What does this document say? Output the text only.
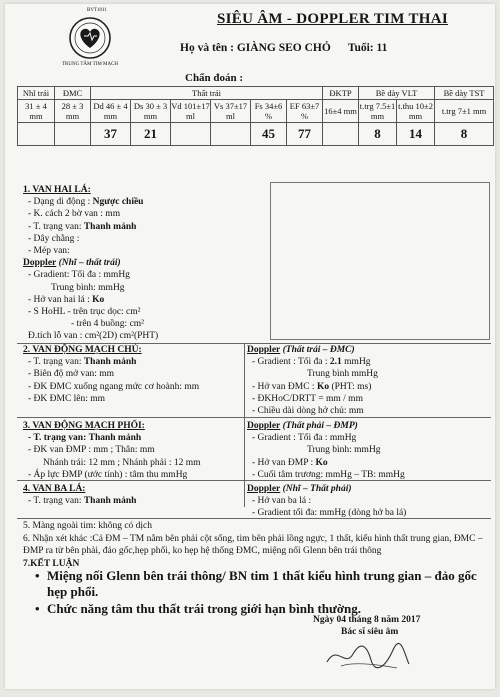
BVT1011
TRUNG TÂM TIM MẠCH
SIÊU ÂM - DOPPLER TIM THAI
Họ và tên : GIÀNG SEO CHỎ Tuổi: 11
Chẩn đoán :
Nhĩ trái	ĐMC	Thất trái						ĐKTP	Bề dày VLT		Bề dày TST
31 ± 4 mm	28 ± 3 mm	Dd 46 ± 4 mm	Ds 30 ± 3 mm	Vd 101±17 ml	Vs 37±17 ml	Fs 34±6 %	EF 63±7 %	16±4 mm	t.trg 7.5±1 mm	t.thu 10±2 mm	t.trg 7±1 mm
		37	21			45	77		8	14	8
1. VAN HAI LÁ:
- Dạng di động : Ngược chiều
- K. cách 2 bờ van : mm
- T. trạng van: Thanh mảnh
- Dây chằng :
- Mép van:
Doppler (Nhĩ – thất trái)
- Gradient: Tối đa : mmHg
Trung bình: mmHg
- Hở van hai lá : Ko
- S HoHL - trên trục dọc: cm²
- trên 4 buồng: cm²
Đ.tích lỗ van : cm²(2D) cm²(PHT)
2. VAN ĐỘNG MẠCH CHỦ:
- T. trạng van: Thanh mảnh
- Biên độ mở van: mm
- ĐK ĐMC xuống ngang mức cơ hoành: mm
- ĐK ĐMC lên: mm
Doppler (Thất trái – ĐMC)
- Gradient : Tối đa : 2.1 mmHg
Trung bình mmHg
- Hở van ĐMC : Ko (PHT: ms)
- ĐKHoC/DRTT = mm / mm
- Chiều dài dòng hở chủ: mm
3. VAN ĐỘNG MẠCH PHỔI:
- T. trạng van: Thanh mảnh
- ĐK van ĐMP : mm ; Thân: mm
Nhánh trái: 12 mm ; Nhánh phải : 12 mm
- Áp lực ĐMP (ước tính) : tâm thu mmHg
Doppler (Thất phải – ĐMP)
- Gradient : Tối đa : mmHg
Trung bình: mmHg
- Hở van ĐMP : Ko
- Cuối tâm trương: mmHg – TB: mmHg
4. VAN BA LÁ:
- T. trạng van: Thanh mảnh
Doppler (Nhĩ – Thất phải)
- Hở van ba lá :
- Gradient tối đa: mmHg (dòng hở ba lá)
5. Màng ngoài tim: không có dịch
6. Nhận xét khác :Cả ĐM – TM nằm bên phải cột sống, tim bên phải lồng ngực, 1 thất, kiểu hình thất trung gian, ĐMC – ĐMP ra từ bên phải, đảo gốc,hẹp phổi, ko hẹp hệ thống ĐMC, miệng nối Glenn bên trái thông
7.KẾT LUẬN
• Miệng nối Glenn bên trái thông/ BN tim 1 thất kiểu hình trung gian – đảo gốc hẹp phổi.
• Chức năng tâm thu thất trái trong giới hạn bình thường.
Ngày 04 tháng 8 năm 2017
Bác sĩ siêu âm
